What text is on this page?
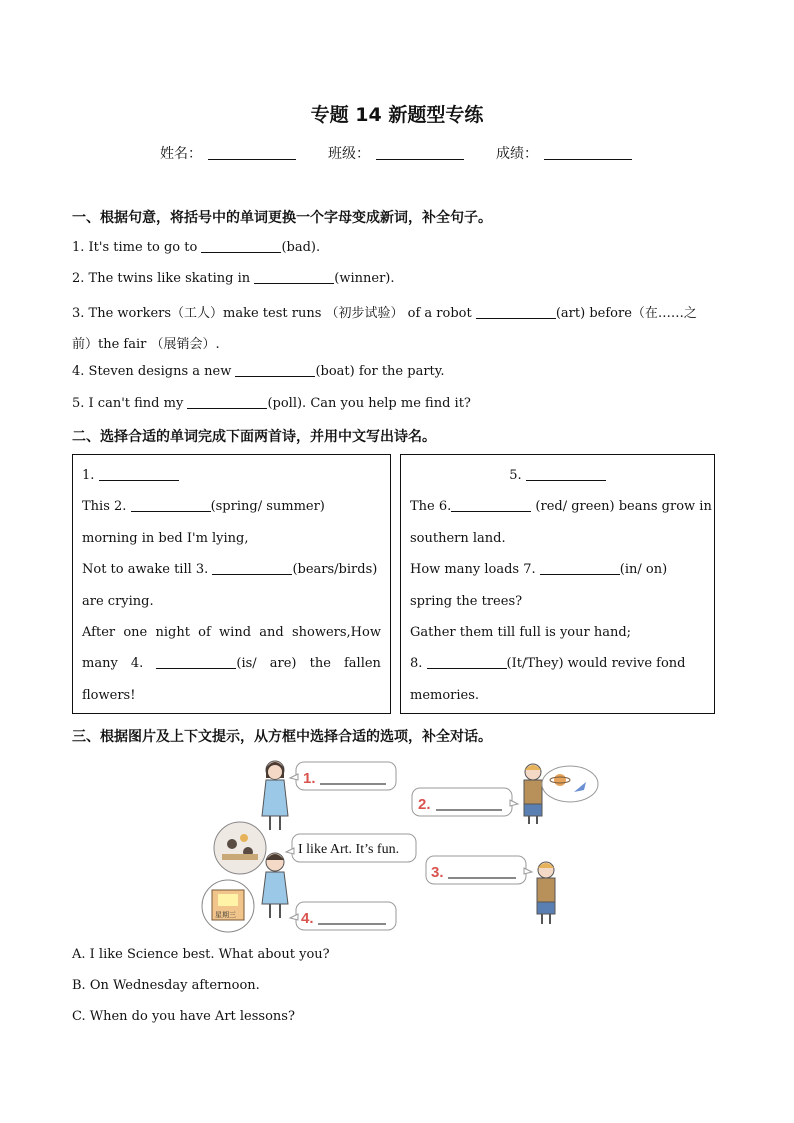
专题 14 新题型专练
姓名：	班级：	成绩：
一、根据句意，将括号中的单词更换一个字母变成新词，补全句子。
1. It's time to go to	(bad).
2. The twins like skating in	(winner).
3. The workers（工人）make test runs （初步试验） of a robot	(art) before（在……之
前）the fair （展销会）.
4. Steven designs a new	(boat) for the party.
5. I can't find my	(poll). Can you help me find it?
二、选择合适的单词完成下面两首诗，并用中文写出诗名。
1.
This 2.	(spring/ summer)
morning in bed I'm lying,
Not to awake till 3.	(bears/birds)
are crying.
After one night of wind and showers,How
many 4.	(is/ are) the fallen
flowers!
5.
The 6.	(red/ green) beans grow in
southern land.
How many loads 7.	(in/ on)
spring the trees?
Gather them till full is your hand;
8.	(It/They) would revive fond
memories.
三、根据图片及上下文提示，从方框中选择合适的选项，补全对话。
1.
2.
I like Art. It’s fun.
3.
星期三	4.
A. I like Science best. What about you?
B. On Wednesday afternoon.
C. When do you have Art lessons?
